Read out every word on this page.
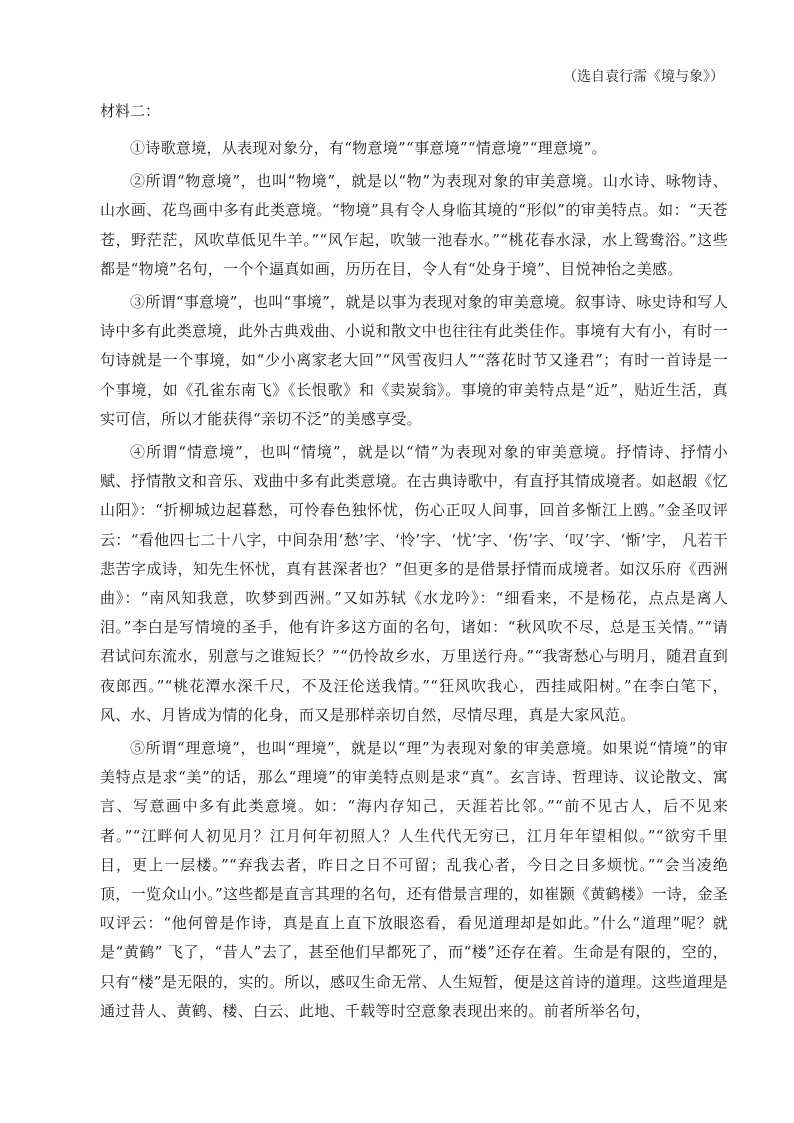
（选自袁行霈《境与象》）

材料二：

①诗歌意境，从表现对象分，有“物意境”“事意境”“情意境”“理意境”。

②所谓“物意境”，也叫“物境”，就是以“物”为表现对象的审美意境。山水诗、咏物诗、山水画、花鸟画中多有此类意境。“物境”具有令人身临其境的“形似”的审美特点。如：“天苍苍，野茫茫，风吹草低见牛羊。”“风乍起，吹皱一池春水。”“桃花春水渌，水上鸳鸯浴。”这些都是“物境”名句，一个个逼真如画，历历在目，令人有“处身于境”、目悦神怡之美感。

③所谓“事意境”，也叫“事境”，就是以事为表现对象的审美意境。叙事诗、咏史诗和写人诗中多有此类意境，此外古典戏曲、小说和散文中也往往有此类佳作。事境有大有小，有时一句诗就是一个事境，如“少小离家老大回”“风雪夜归人”“落花时节又逢君”；有时一首诗是一个事境，如《孔雀东南飞》《长恨歌》和《卖炭翁》。事境的审美特点是“近”，贴近生活，真实可信，所以才能获得“亲切不泛”的美感享受。

④所谓“情意境”，也叫“情境”，就是以“情”为表现对象的审美意境。抒情诗、抒情小赋、抒情散文和音乐、戏曲中多有此类意境。在古典诗歌中，有直抒其情成境者。如赵嘏《忆山阳》：“折柳城边起暮愁，可怜春色独怀忧，伤心正叹人间事，回首多惭江上鸥。”金圣叹评云：“看他四七二十八字，中间杂用‘愁’字、‘怜’字、‘忧’字、‘伤’字、‘叹’字、‘惭’字， 凡若干悲苦字成诗，知先生怀忧，真有甚深者也？”但更多的是借景抒情而成境者。如汉乐府《西洲曲》：“南风知我意，吹梦到西洲。”又如苏轼《水龙吟》：“细看来，不是杨花，点点是离人泪。”李白是写情境的圣手，他有许多这方面的名句，诸如：“秋风吹不尽，总是玉关情。”“请君试问东流水，别意与之谁短长？”“仍怜故乡水，万里送行舟。”“我寄愁心与明月，随君直到夜郎西。”“桃花潭水深千尺，不及汪伦送我情。”“狂风吹我心，西挂咸阳树。”在李白笔下，风、水、月皆成为情的化身，而又是那样亲切自然，尽情尽理，真是大家风范。

⑤所谓“理意境”，也叫“理境”，就是以“理”为表现对象的审美意境。如果说“情境”的审美特点是求“美”的话，那么“理境”的审美特点则是求“真”。玄言诗、哲理诗、议论散文、寓言、写意画中多有此类意境。如：“海内存知己，天涯若比邻。”“前不见古人，后不见来者。”“江畔何人初见月？江月何年初照人？人生代代无穷已，江月年年望相似。”“欲穷千里目，更上一层楼。”“弃我去者，昨日之日不可留；乱我心者，今日之日多烦忧。”“会当凌绝顶，一览众山小。”这些都是直言其理的名句，还有借景言理的，如崔颢《黄鹤楼》一诗，金圣叹评云：“他何曾是作诗，真是直上直下放眼恣看，看见道理却是如此。”什么“道理”呢？就是“黄鹤” 飞了，“昔人”去了，甚至他们早都死了，而“楼”还存在着。生命是有限的，空的，只有“楼”是无限的，实的。所以，感叹生命无常、人生短暂，便是这首诗的道理。这些道理是通过昔人、黄鹤、楼、白云、此地、千载等时空意象表现出来的。前者所举名句，
